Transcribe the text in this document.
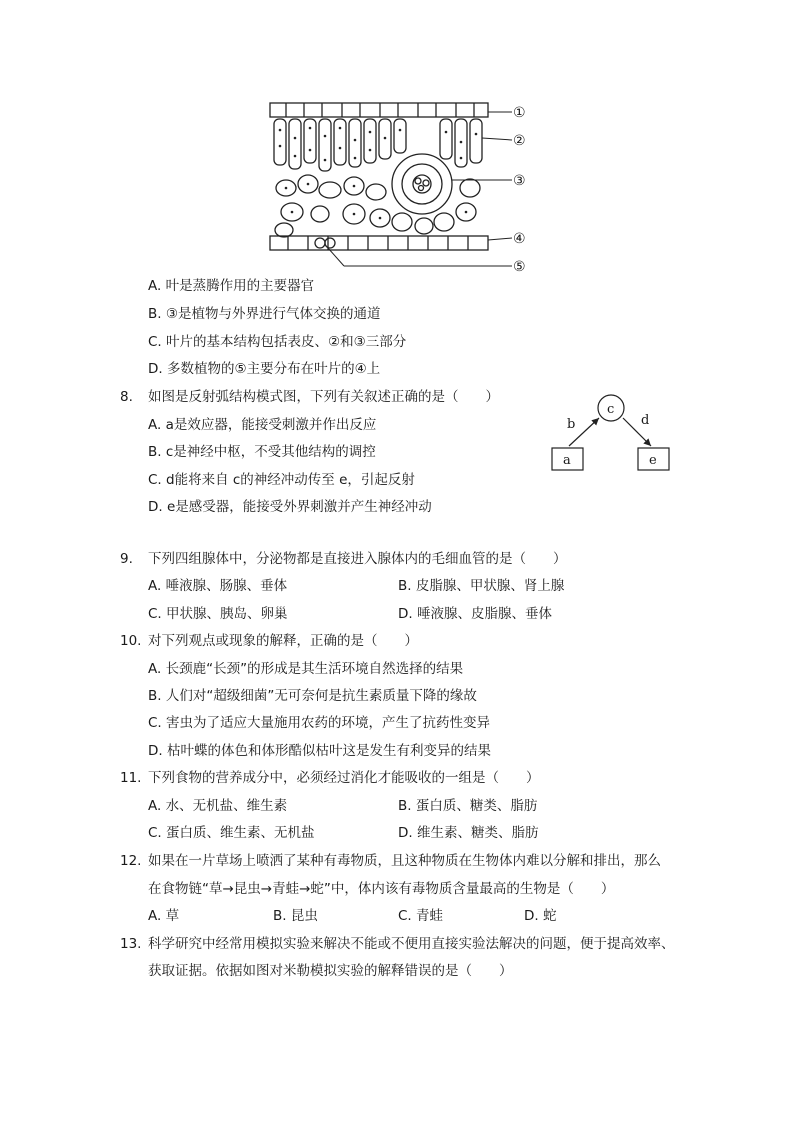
①
②
③
④
⑤
A. 叶是蒸腾作用的主要器官
B. ③是植物与外界进行气体交换的通道
C. 叶片的基本结构包括表皮、②和③三部分
D. 多数植物的⑤主要分布在叶片的④上
8. 如图是反射弧结构模式图，下列有关叙述正确的是（　　）
A. a是效应器，能接受刺激并作出反应
B. c是神经中枢，不受其他结构的调控
C. d能将来自 c的神经冲动传至 e，引起反射
D. e是感受器，能接受外界刺激并产生神经冲动
c
a	e
b	d
9. 下列四组腺体中，分泌物都是直接进入腺体内的毛细血管的是（　　）
A. 唾液腺、肠腺、垂体	B. 皮脂腺、甲状腺、肾上腺
C. 甲状腺、胰岛、卵巢	D. 唾液腺、皮脂腺、垂体
10. 对下列观点或现象的解释，正确的是（　　）
A. 长颈鹿“长颈”的形成是其生活环境自然选择的结果
B. 人们对“超级细菌”无可奈何是抗生素质量下降的缘故
C. 害虫为了适应大量施用农药的环境，产生了抗药性变异
D. 枯叶蝶的体色和体形酷似枯叶这是发生有利变异的结果
11. 下列食物的营养成分中，必须经过消化才能吸收的一组是（　　）
A. 水、无机盐、维生素	B. 蛋白质、糖类、脂肪
C. 蛋白质、维生素、无机盐	D. 维生素、糖类、脂肪
12. 如果在一片草场上喷洒了某种有毒物质，且这种物质在生物体内难以分解和排出，那么
在食物链“草→昆虫→青蛙→蛇”中，体内该有毒物质含量最高的生物是（　　）
A. 草	B. 昆虫	C. 青蛙	D. 蛇
13. 科学研究中经常用模拟实验来解决不能或不便用直接实验法解决的问题，便于提高效率、
获取证据。依据如图对米勒模拟实验的解释错误的是（　　）
